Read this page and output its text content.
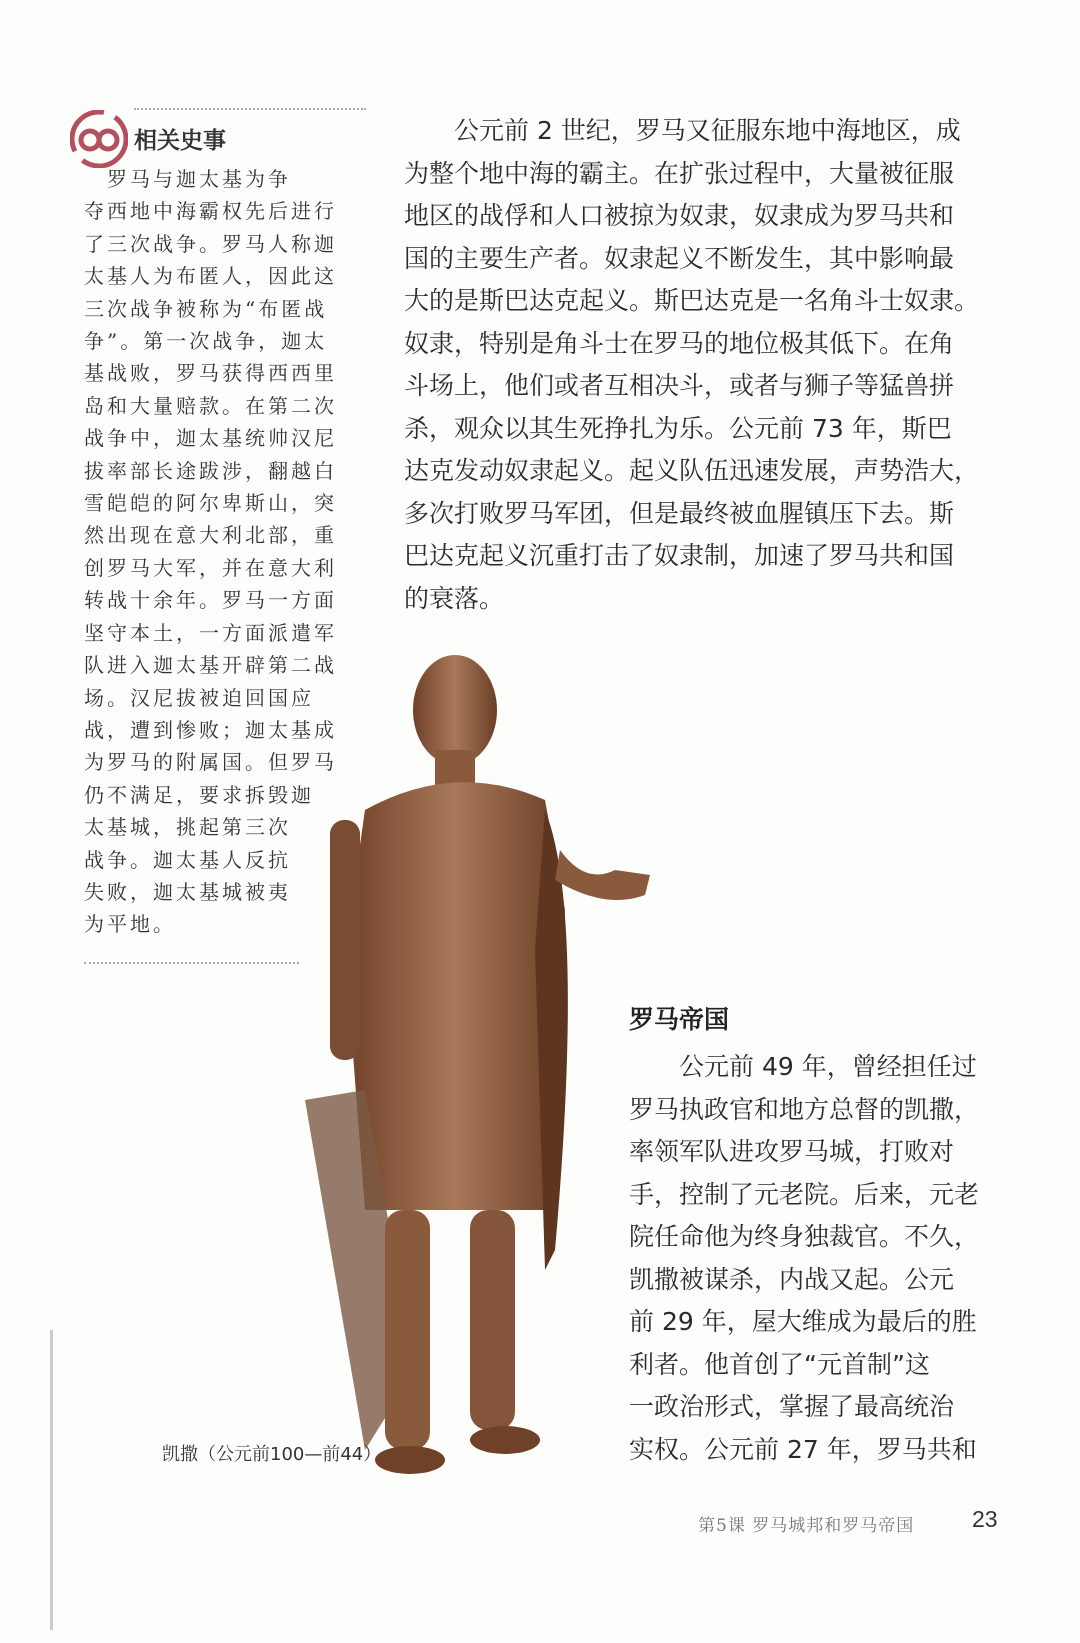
相关史事
　罗马与迦太基为争
夺西地中海霸权先后进行
了三次战争。罗马人称迦
太基人为布匿人，因此这
三次战争被称为“布匿战
争”。第一次战争，迦太
基战败，罗马获得西西里
岛和大量赔款。在第二次
战争中，迦太基统帅汉尼
拔率部长途跋涉，翻越白
雪皑皑的阿尔卑斯山，突
然出现在意大利北部，重
创罗马大军，并在意大利
转战十余年。罗马一方面
坚守本土，一方面派遣军
队进入迦太基开辟第二战
场。汉尼拔被迫回国应
战，遭到惨败；迦太基成
为罗马的附属国。但罗马
仍不满足，要求拆毁迦
太基城，挑起第三次
战争。迦太基人反抗
失败，迦太基城被夷
为平地。
　　公元前 2 世纪，罗马又征服东地中海地区，成
为整个地中海的霸主。在扩张过程中，大量被征服
地区的战俘和人口被掠为奴隶，奴隶成为罗马共和
国的主要生产者。奴隶起义不断发生，其中影响最
大的是斯巴达克起义。斯巴达克是一名角斗士奴隶。
奴隶，特别是角斗士在罗马的地位极其低下。在角
斗场上，他们或者互相决斗，或者与狮子等猛兽拼
杀，观众以其生死挣扎为乐。公元前 73 年，斯巴
达克发动奴隶起义。起义队伍迅速发展，声势浩大，
多次打败罗马军团，但是最终被血腥镇压下去。斯
巴达克起义沉重打击了奴隶制，加速了罗马共和国
的衰落。
罗马帝国
　　公元前 49 年，曾经担任过
罗马执政官和地方总督的凯撒，
率领军队进攻罗马城，打败对
手，控制了元老院。后来，元老
院任命他为终身独裁官。不久，
凯撒被谋杀，内战又起。公元
前 29 年，屋大维成为最后的胜
利者。他首创了“元首制”这
一政治形式，掌握了最高统治
实权。公元前 27 年，罗马共和
凯撒（公元前100—前44）
第5课 罗马城邦和罗马帝国	23
